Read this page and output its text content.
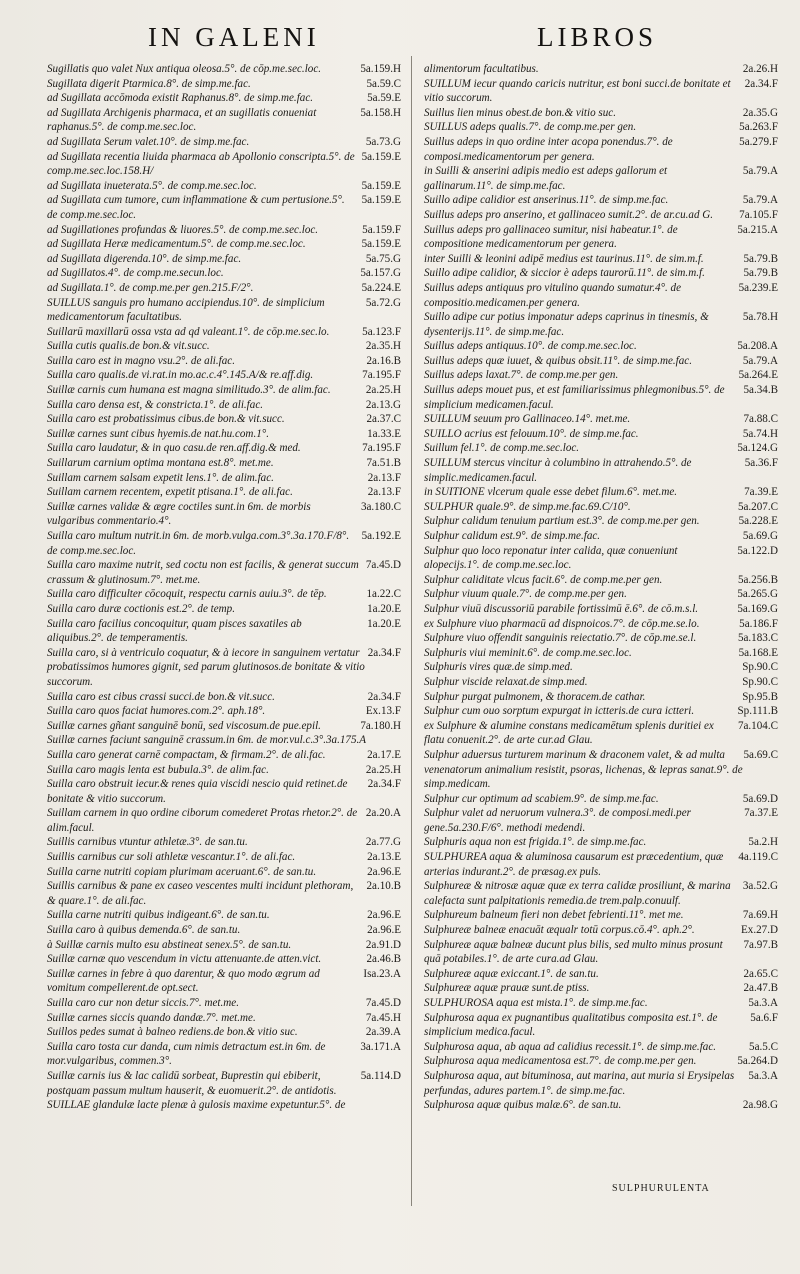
IN GALENI	LIBROS
5a.159.H
Sugillatis quo valet Nux antiqua oleosa.5°. de cōp.me.sec.loc.
5a.59.C
Sugillata digerit Ptarmica.8°. de simp.me.fac.
5a.59.E
ad Sugillata accōmoda existit Raphanus.8°. de simp.me.fac.
5a.158.H
ad Sugillata Archigenis pharmaca, et an sugillatis conueniat raphanus.5°. de comp.me.sec.loc.
5a.73.G
ad Sugillata Serum valet.10°. de simp.me.fac.
5a.159.E
ad Sugillata recentia liuida pharmaca ab Apollonio conscripta.5°. de comp.me.sec.loc.158.H/
5a.159.E
ad Sugillata inueterata.5°. de comp.me.sec.loc.
5a.159.E
ad Sugillata cum tumore, cum inflammatione & cum pertusione.5°. de comp.me.sec.loc.
5a.159.F
ad Sugillationes profundas & liuores.5°. de comp.me.sec.loc.
5a.159.E
ad Sugillata Heræ medicamentum.5°. de comp.me.sec.loc.
5a.75.G
ad Sugillata digerenda.10°. de simp.me.fac.
5a.157.G
ad Sugillatos.4°. de comp.me.secun.loc.
5a.224.E
ad Sugillata.1°. de comp.me.per gen.215.F/2°.
5a.72.G
SUILLUS sanguis pro humano accipiendus.10°. de simplicium medicamentorum facultatibus.
5a.123.F
Suillarū maxillarū ossa vsta ad qd valeant.1°. de cōp.me.sec.lo.
2a.35.H
Suilla cutis qualis.de bon.& vit.succ.
2a.16.B
Suilla caro est in magno vsu.2°. de ali.fac.
7a.195.F
Suilla caro qualis.de vi.rat.in mo.ac.c.4°.145.A/& re.aff.dig.
2a.25.H
Suillæ carnis cum humana est magna similitudo.3°. de alim.fac.
2a.13.G
Suilla caro densa est, & constricta.1°. de ali.fac.
2a.37.C
Suilla caro est probatissimus cibus.de bon.& vit.succ.
1a.33.E
Suillæ carnes sunt cibus hyemis.de nat.hu.com.1°.
7a.195.F
Suilla caro laudatur, & in quo casu.de ren.aff.dig.& med.
7a.51.B
Suillarum carnium optima montana est.8°. met.me.
2a.13.F
Suillam carnem salsam expetit lens.1°. de alim.fac.
2a.13.F
Suillam carnem recentem, expetit ptisana.1°. de ali.fac.
3a.180.C
Suillæ carnes validæ & ægre coctiles sunt.in 6m. de morbis vulgaribus commentario.4°.
5a.192.E
Suilla caro multum nutrit.in 6m. de morb.vulga.com.3°.3a.170.F/8°. de comp.me.sec.loc.
7a.45.D
Suilla caro maxime nutrit, sed coctu non est facilis, & generat succum crassum & glutinosum.7°. met.me.
1a.22.C
Suilla caro difficulter cōcoquit, respectu carnis auiu.3°. de tēp.
1a.20.E
Suilla caro duræ coctionis est.2°. de temp.
1a.20.E
Suilla caro facilius concoquitur, quam pisces saxatiles ab aliquibus.2°. de temperamentis.
2a.34.F
Suilla caro, si à ventriculo coquatur, & à iecore in sanguinem vertatur probatissimos humores gignit, sed parum glutinosos.de bonitate & vitio succorum.
2a.34.F
Suilla caro est cibus crassi succi.de bon.& vit.succ.
Ex.13.F
Suilla caro quos faciat humores.com.2°. aph.18°.
7a.180.H
Suillæ carnes gñant sanguinē bonū, sed viscosum.de pue.epil.
Suillæ carnes faciunt sanguinē crassum.in 6m. de mor.vul.c.3°.3a.175.A
2a.17.E
Suilla caro generat carnē compactam, & firmam.2°. de ali.fac.
2a.25.H
Suilla caro magis lenta est bubula.3°. de alim.fac.
2a.34.F
Suilla caro obstruit iecur.& renes quia viscidi nescio quid retinet.de bonitate & vitio succorum.
2a.20.A
Suillam carnem in quo ordine ciborum comederet Protas rhetor.2°. de alim.facul.
2a.77.G
Suillis carnibus vtuntur athletæ.3°. de san.tu.
2a.13.E
Suillis carnibus cur soli athletæ vescantur.1°. de ali.fac.
2a.96.E
Suilla carne nutriti copiam plurimam aceruant.6°. de san.tu.
2a.10.B
Suillis carnibus & pane ex caseo vescentes multi incidunt plethoram, & quare.1°. de ali.fac.
2a.96.E
Suilla carne nutriti quibus indigeant.6°. de san.tu.
2a.96.E
Suilla caro à quibus demenda.6°. de san.tu.
2a.91.D
à Suillæ carnis multo esu abstineat senex.5°. de san.tu.
2a.46.B
Suillæ carnæ quo vescendum in victu attenuante.de atten.vict.
Isa.23.A
Suillæ carnes in febre à quo darentur, & quo modo ægrum ad vomitum compellerent.de opt.sect.
7a.45.D
Suilla caro cur non detur siccis.7°. met.me.
7a.45.H
Suillæ carnes siccis quando dandæ.7°. met.me.
2a.39.A
Suillos pedes sumat à balneo rediens.de bon.& vitio suc.
3a.171.A
Suilla caro tosta cur danda, cum nimis detractum est.in 6m. de mor.vulgaribus, commen.3°.
5a.114.D
Suillæ carnis ius & lac calidū sorbeat, Buprestin qui ebiberit, postquam passum multum hauserit, & euomuerit.2°. de antidotis.
SUILLAE glandulæ lacte plenæ à gulosis maxime expetuntur.5°. de
2a.26.H
alimentorum facultatibus.
2a.34.F
SUILLUM iecur quando caricis nutritur, est boni succi.de bonitate et vitio succorum.
2a.35.G
Suillus lien minus obest.de bon.& vitio suc.
5a.263.F
SUILLUS adeps qualis.7°. de comp.me.per gen.
5a.279.F
Suillus adeps in quo ordine inter acopa ponendus.7°. de composi.medicamentorum per genera.
5a.79.A
in Suilli & anserini adipis medio est adeps gallorum et gallinarum.11°. de simp.me.fac.
5a.79.A
Suillo adipe calidior est anserinus.11°. de simp.me.fac.
7a.105.F
Suillus adeps pro anserino, et gallinaceo sumit.2°. de ar.cu.ad G.
5a.215.A
Suillus adeps pro gallinaceo sumitur, nisi habeatur.1°. de compositione medicamentorum per genera.
5a.79.B
inter Suilli & leonini adipē medius est taurinus.11°. de sim.m.f.
5a.79.B
Suillo adipe calidior, & siccior è adeps taurorū.11°. de sim.m.f.
5a.239.E
Suillus adeps antiquus pro vitulino quando sumatur.4°. de compositio.medicamen.per genera.
5a.78.H
Suillo adipe cur potius imponatur adeps caprinus in tinesmis, & dysenterijs.11°. de simp.me.fac.
5a.208.A
Suillus adeps antiquus.10°. de comp.me.sec.loc.
5a.79.A
Suillus adeps quæ iuuet, & quibus obsit.11°. de simp.me.fac.
5a.264.E
Suillus adeps laxat.7°. de comp.me.per gen.
5a.34.B
Suillus adeps mouet pus, et est familiarissimus phlegmonibus.5°. de simplicium medicamen.facul.
7a.88.C
SUILLUM seuum pro Gallinaceo.14°. met.me.
5a.74.H
SUILLO acrius est felouum.10°. de simp.me.fac.
5a.124.G
Suillum fel.1°. de comp.me.sec.loc.
5a.36.F
SUILLUM stercus vincitur à columbino in attrahendo.5°. de simplic.medicamen.facul.
7a.39.E
in SUITIONE vlcerum quale esse debet filum.6°. met.me.
5a.207.C
SULPHUR quale.9°. de simp.me.fac.69.C/10°.
5a.228.E
Sulphur calidum tenuium partium est.3°. de comp.me.per gen.
5a.69.G
Sulphur calidum est.9°. de simp.me.fac.
5a.122.D
Sulphur quo loco reponatur inter calida, quæ conueniunt alopecijs.1°. de comp.me.sec.loc.
5a.256.B
Sulphur caliditate vlcus facit.6°. de comp.me.per gen.
5a.265.G
Sulphur viuum quale.7°. de comp.me.per gen.
5a.169.G
Sulphur viuū discussoriū parabile fortissimū ē.6°. de cō.m.s.l.
5a.186.F
ex Sulphure viuo pharmacū ad dispnoicos.7°. de cōp.me.se.lo.
5a.183.C
Sulphure viuo offendit sanguinis reiectatio.7°. de cōp.me.se.l.
5a.168.E
Sulphuris viui meminit.6°. de comp.me.sec.loc.
Sp.90.C
Sulphuris vires quæ.de simp.med.
Sp.90.C
Sulphur viscide relaxat.de simp.med.
Sp.95.B
Sulphur purgat pulmonem, & thoracem.de cathar.
Sp.111.B
Sulphur cum ouo sorptum expurgat in ictteris.de cura ictteri.
7a.104.C
ex Sulphure & alumine constans medicamētum splenis duritiei ex flatu conuenit.2°. de arte cur.ad Glau.
5a.69.C
Sulphur aduersus turturem marinum & draconem valet, & ad multa venenatorum animalium resistit, psoras, lichenas, & lepras sanat.9°. de simp.medicam.
5a.69.D
Sulphur cur optimum ad scabiem.9°. de simp.me.fac.
7a.37.E
Sulphur valet ad neruorum vulnera.3°. de composi.medi.per gene.5a.230.F/6°. methodi medendi.
5a.2.H
Sulphuris aqua non est frigida.1°. de simp.me.fac.
4a.119.C
SULPHUREA aqua & aluminosa causarum est præcedentium, quæ arterias indurant.2°. de præsag.ex puls.
3a.52.G
Sulphureæ & nitrosæ aquæ quæ ex terra calidæ prosiliunt, & marina calefacta sunt palpitationis remedia.de trem.palp.conuulf.
7a.69.H
Sulphureum balneum fieri non debet febrienti.11°. met me.
Ex.27.D
Sulphureæ balneæ enacuāt æqualr totū corpus.cō.4°. aph.2°.
7a.97.B
Sulphureæ aquæ balneæ ducunt plus bilis, sed multo minus prosunt quā potabiles.1°. de arte cura.ad Glau.
2a.65.C
Sulphureæ aquæ exiccant.1°. de san.tu.
2a.47.B
Sulphureæ aquæ prauæ sunt.de ptiss.
5a.3.A
SULPHUROSA aqua est mista.1°. de simp.me.fac.
5a.6.F
Sulphurosa aqua ex pugnantibus qualitatibus composita est.1°. de simplicium medica.facul.
5a.5.C
Sulphurosa aqua, ab aqua ad calidius recessit.1°. de simp.me.fac.
5a.264.D
Sulphurosa aqua medicamentosa est.7°. de comp.me.per gen.
5a.3.A
Sulphurosa aqua, aut bituminosa, aut marina, aut muria si Erysipelas perfundas, adures partem.1°. de simp.me.fac.
2a.98.G
Sulphurosa aquæ quibus malæ.6°. de san.tu.
SULPHURULENTA
